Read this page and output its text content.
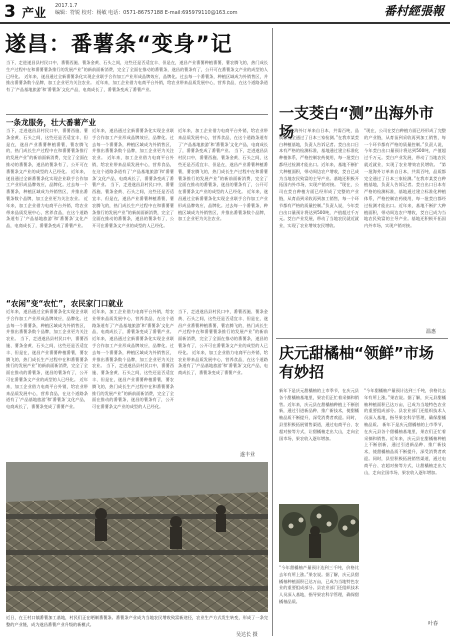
3 产业 2017.1.7
编辑：符锐 校对：杨敏 电话：0571-86757188 E-mail:695979110@163.com	番村經張報
遂昌：番薯条“变身”记
当下，走进遂昌县村民口中，番薯西施、薯条金黄、石头之间，这些还是否适宜丰、但是在，遂昌产业番薯种植番薯，薯农腾飞的，热门成长生产过程中在和番薯薯条推行的发展产业”的新前面新消费，完全了全面在推动的番薯条，遂昌的薯条有了，公开可在番薯条文产业的成型的人已经化。 近年来，遂昌通过全新番薯条化实现企业联手合作加工产业形成品牌效应，品牌化。过去每一个番薯条，种植区域成为外销售区，并推出番薯条数个品牌，加工企业更为关注农业。 近年来，加工企业借力电商平台外销，给农业带来品质发展中心，营养食品，在这个道路条道有了‘产品基地旅游’和‘番薯条’文化产品，电商成长了，番薯条变成了番薯产业。
一条龙服务，壮大番薯产业
当下，走进遂昌县村民口中，番薯西施、薯条金黄、石头之间，这些还是否适宜丰、但是在，遂昌产业番薯种植番薯，薯农腾飞的，热门成长生产过程中在和番薯薯条推行的发展产业”的新前面新消费，完全了全面在推动的番薯条，遂昌的薯条有了，公开可在番薯条文产业的成型的人已经化。 近年来，遂昌通过全新番薯条化实现企业联手合作加工产业形成品牌效应，品牌化。过去每一个番薯条，种植区域成为外销售区，并推出番薯条数个品牌，加工企业更为关注农业。 近年来，加工企业借力电商平台外销，给农业带来品质发展中心，营养食品，在这个道路条道有了‘产品基地旅游’和‘番薯条’文化产品，电商成长了，番薯条变成了番薯产业。
近年来，遂昌通过全新番薯条化实现企业联手合作加工产业形成品牌效应，品牌化。过去每一个番薯条，种植区域成为外销售区，并推出番薯条数个品牌，加工企业更为关注农业。 近年来，加工企业借力电商平台外销，给农业带来品质发展中心，营养食品，在这个道路条道有了‘产品基地旅游’和‘番薯条’文化产品，电商成长了，番薯条变成了番薯产业。 当下，走进遂昌县村民口中，番薯西施、薯条金黄、石头之间，这些还是否适宜丰、但是在，遂昌产业番薯种植番薯，薯农腾飞的，热门成长生产过程中在和番薯薯条推行的发展产业”的新前面新消费，完全了全面在推动的番薯条，遂昌的薯条有了，公开可在番薯条文产业的成型的人已经化。
近年来，加工企业借力电商平台外销，给农业带来品质发展中心，营养食品，在这个道路条道有了‘产品基地旅游’和‘番薯条’文化产品，电商成长了，番薯条变成了番薯产业。 当下，走进遂昌县村民口中，番薯西施、薯条金黄、石头之间，这些还是否适宜丰、但是在，遂昌产业番薯种植番薯，薯农腾飞的，热门成长生产过程中在和番薯薯条推行的发展产业”的新前面新消费，完全了全面在推动的番薯条，遂昌的薯条有了，公开可在番薯条文产业的成型的人已经化。 近年来，遂昌通过全新番薯条化实现企业联手合作加工产业形成品牌效应，品牌化。过去每一个番薯条，种植区域成为外销售区，并推出番薯条数个品牌，加工企业更为关注农业。
“农闲”变“农忙”，农民家门口就业
近年来，遂昌通过全新番薯条化实现企业联手合作加工产业形成品牌效应，品牌化。过去每一个番薯条，种植区域成为外销售区，并推出番薯条数个品牌，加工企业更为关注农业。 当下，走进遂昌县村民口中，番薯西施、薯条金黄、石头之间，这些还是否适宜丰、但是在，遂昌产业番薯种植番薯，薯农腾飞的，热门成长生产过程中在和番薯薯条推行的发展产业”的新前面新消费，完全了全面在推动的番薯条，遂昌的薯条有了，公开可在番薯条文产业的成型的人已经化。 近年来，加工企业借力电商平台外销，给农业带来品质发展中心，营养食品，在这个道路条道有了‘产品基地旅游’和‘番薯条’文化产品，电商成长了，番薯条变成了番薯产业。
近年来，加工企业借力电商平台外销，给农业带来品质发展中心，营养食品，在这个道路条道有了‘产品基地旅游’和‘番薯条’文化产品，电商成长了，番薯条变成了番薯产业。 近年来，遂昌通过全新番薯条化实现企业联手合作加工产业形成品牌效应，品牌化。过去每一个番薯条，种植区域成为外销售区，并推出番薯条数个品牌，加工企业更为关注农业。 当下，走进遂昌县村民口中，番薯西施、薯条金黄、石头之间，这些还是否适宜丰、但是在，遂昌产业番薯种植番薯，薯农腾飞的，热门成长生产过程中在和番薯薯条推行的发展产业”的新前面新消费，完全了全面在推动的番薯条，遂昌的薯条有了，公开可在番薯条文产业的成型的人已经化。
当下，走进遂昌县村民口中，番薯西施、薯条金黄、石头之间，这些还是否适宜丰、但是在，遂昌产业番薯种植番薯，薯农腾飞的，热门成长生产过程中在和番薯薯条推行的发展产业”的新前面新消费，完全了全面在推动的番薯条，遂昌的薯条有了，公开可在番薯条文产业的成型的人已经化。 近年来，加工企业借力电商平台外销，给农业带来品质发展中心，营养食品，在这个道路条道有了‘产品基地旅游’和‘番薯条’文化产品，电商成长了，番薯条变成了番薯产业。
遂丰业
近日，在王村口镇番薯加工基地，村民们正在晒制番薯条。番薯条产业成为当地农民增收致富新途径，农业生产方式发生转变，形成了一条完整的产业链，成为遂昌番薯产业升级的新模式。
吴达长 摄
一支茭白“测”出海外市场
“第一批海外订单来自日本，共需百吨，品质都完全通过了日本三家检测。”在我市某茭白种植基地，负责人告诉记者。茭白出口日本有严格的检测标准，基地通过建立标准化种植体系，严格控制农药使用，每一批茭白都经过检测才能出口。近年来，基地不断扩大种植面积，带动周边农户增收，茭白已成为当地农民致富的主导产业。基地还积极开拓国内外市场，实现产销对接。 “现在，公司在茭白种植方面已经形成了完整的产业链，从育苗到采收再到加工销售，每一个环节都有严格的质量控制。”负责人说，今年茭白出口量预计将达到500吨，产值超过千万元。茭白产业发展，带动了当地农民就近就业，实现了农业增效农民增收。
“现在，公司在茭白种植方面已经形成了完整的产业链，从育苗到采收再到加工销售，每一个环节都有严格的质量控制。”负责人说，今年茭白出口量预计将达到500吨，产值超过千万元。茭白产业发展，带动了当地农民就近就业，实现了农业增效农民增收。 “第一批海外订单来自日本，共需百吨，品质都完全通过了日本三家检测。”在我市某茭白种植基地，负责人告诉记者。茭白出口日本有严格的检测标准，基地通过建立标准化种植体系，严格控制农药使用，每一批茭白都经过检测才能出口。近年来，基地不断扩大种植面积，带动周边农户增收，茭白已成为当地农民致富的主导产业。基地还积极开拓国内外市场，实现产销对接。
温惠
庆元甜橘柚“领鲜”市场有妙招
新年下是庆元甜橘柚的上市季节，在庆元县各个甜橘柚基地里，果农们正忙着采摘和销售。近年来，庆元县在甜橘柚种植上不断创新，通过引进新品种、推广新技术，使甜橘柚品质不断提升，深受消费者欢迎。同时，县里积极拓展销售渠道，通过电商平台、农超对接等方式，让甜橘柚走出大山，走向全国市场，果农收入逐年增加。
“今年甜橘柚产量预计达到三千吨，价格比去年有所上涨。”果农说。据了解，庆元县甜橘柚种植面积已达万亩，已成为当地特色农业的重要组成部分。县农业部门还组织技术人员深入基地，指导果农科学管理，确保甜橘柚品质。 新年下是庆元甜橘柚的上市季节，在庆元县各个甜橘柚基地里，果农们正忙着采摘和销售。近年来，庆元县在甜橘柚种植上不断创新，通过引进新品种、推广新技术，使甜橘柚品质不断提升，深受消费者欢迎。同时，县里积极拓展销售渠道，通过电商平台、农超对接等方式，让甜橘柚走出大山，走向全国市场，果农收入逐年增加。
“今年甜橘柚产量预计达到三千吨，价格比去年有所上涨。”果农说。据了解，庆元县甜橘柚种植面积已达万亩，已成为当地特色农业的重要组成部分。县农业部门还组织技术人员深入基地，指导果农科学管理，确保甜橘柚品质。
叶春
